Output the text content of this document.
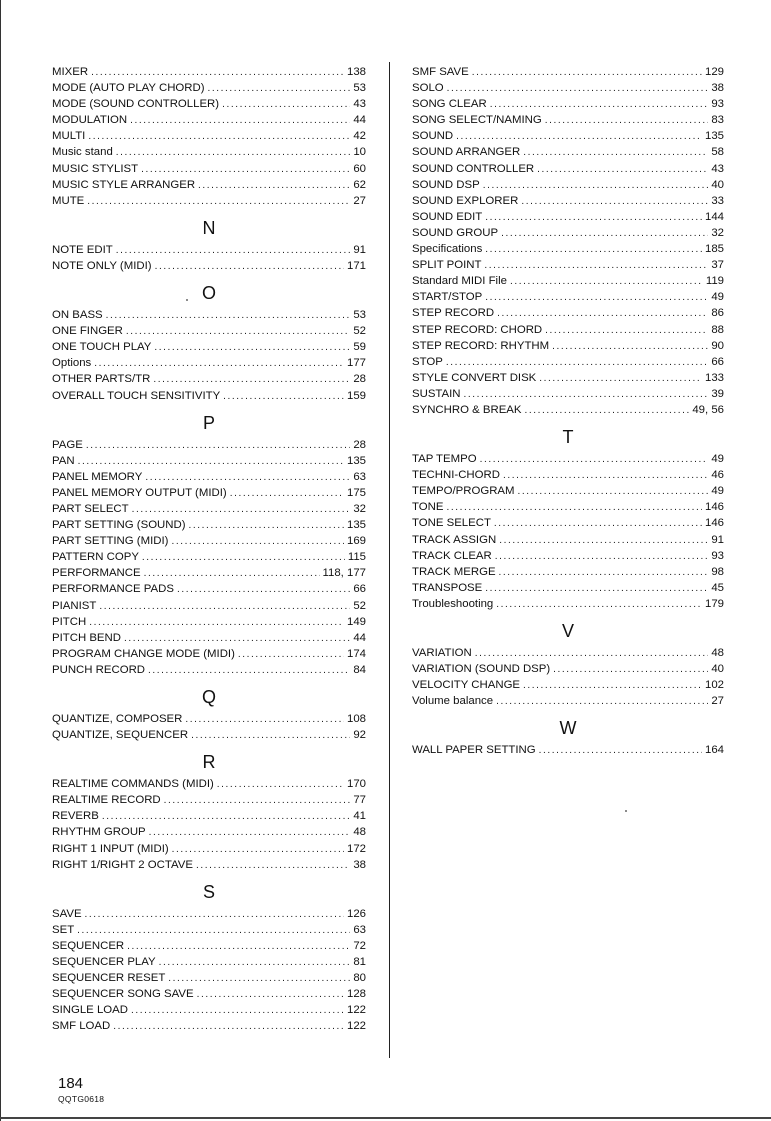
MIXER .....	138
MODE (AUTO PLAY CHORD) .....	53
MODE (SOUND CONTROLLER) .....	43
MODULATION .....	44
MULTI .....	42
Music stand .....	10
MUSIC STYLIST .....	60
MUSIC STYLE ARRANGER .....	62
MUTE .....	27
N
NOTE EDIT .....	91
NOTE ONLY (MIDI) .....	171
O
ON BASS .....	53
ONE FINGER .....	52
ONE TOUCH PLAY .....	59
Options .....	177
OTHER PARTS/TR .....	28
OVERALL TOUCH SENSITIVITY .....	159
P
PAGE .....	28
PAN .....	135
PANEL MEMORY .....	63
PANEL MEMORY OUTPUT (MIDI) .....	175
PART SELECT .....	32
PART SETTING (SOUND) .....	135
PART SETTING (MIDI) .....	169
PATTERN COPY .....	115
PERFORMANCE .....	118, 177
PERFORMANCE PADS .....	66
PIANIST .....	52
PITCH .....	149
PITCH BEND .....	44
PROGRAM CHANGE MODE (MIDI) .....	174
PUNCH RECORD .....	84
Q
QUANTIZE, COMPOSER .....	108
QUANTIZE, SEQUENCER .....	92
R
REALTIME COMMANDS (MIDI) .....	170
REALTIME RECORD .....	77
REVERB .....	41
RHYTHM GROUP .....	48
RIGHT 1 INPUT (MIDI) .....	172
RIGHT 1/RIGHT 2 OCTAVE .....	38
S
SAVE .....	126
SET .....	63
SEQUENCER .....	72
SEQUENCER PLAY .....	81
SEQUENCER RESET .....	80
SEQUENCER SONG SAVE .....	128
SINGLE LOAD .....	122
SMF LOAD .....	122
SMF SAVE .....	129
SOLO .....	38
SONG CLEAR .....	93
SONG SELECT/NAMING .....	83
SOUND .....	135
SOUND ARRANGER .....	58
SOUND CONTROLLER .....	43
SOUND DSP .....	40
SOUND EXPLORER .....	33
SOUND EDIT .....	144
SOUND GROUP .....	32
Specifications .....	185
SPLIT POINT .....	37
Standard MIDI File .....	119
START/STOP .....	49
STEP RECORD .....	86
STEP RECORD: CHORD .....	88
STEP RECORD: RHYTHM .....	90
STOP .....	66
STYLE CONVERT DISK .....	133
SUSTAIN .....	39
SYNCHRO & BREAK .....	49, 56
T
TAP TEMPO .....	49
TECHNI-CHORD .....	46
TEMPO/PROGRAM .....	49
TONE .....	146
TONE SELECT .....	146
TRACK ASSIGN .....	91
TRACK CLEAR .....	93
TRACK MERGE .....	98
TRANSPOSE .....	45
Troubleshooting .....	179
V
VARIATION .....	48
VARIATION (SOUND DSP) .....	40
VELOCITY CHANGE .....	102
Volume balance .....	27
W
WALL PAPER SETTING .....	164
184
QQTG0618
